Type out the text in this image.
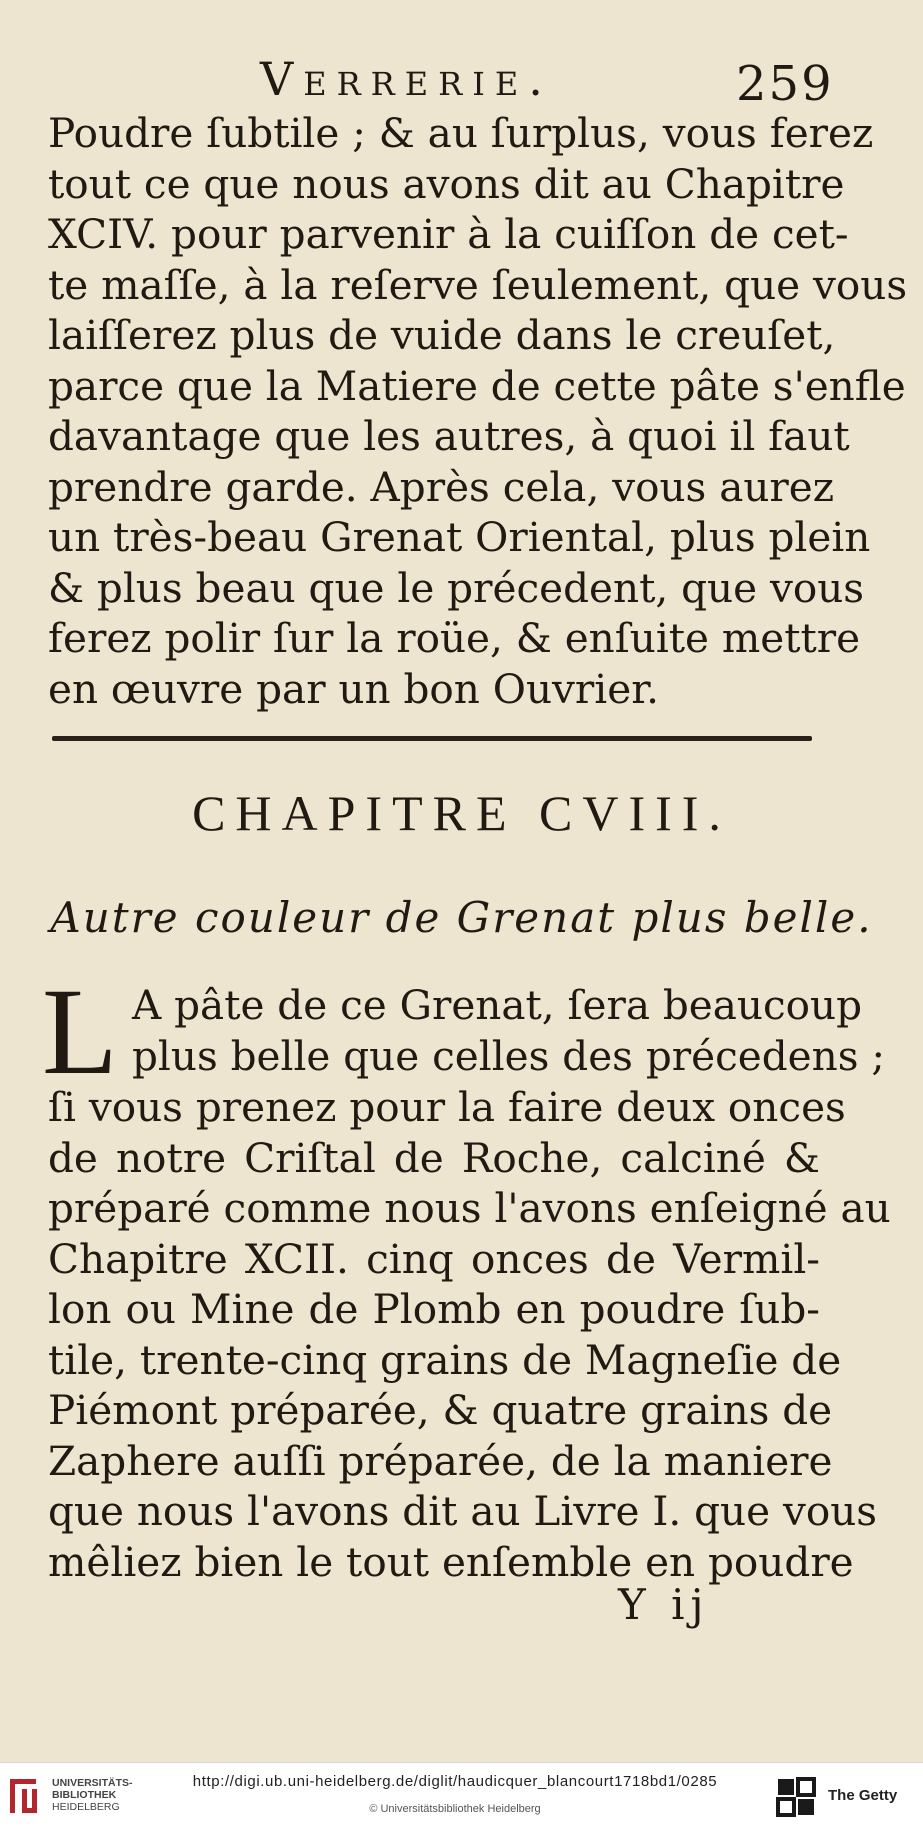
Verrerie.	259
Poudre ſubtile ; & au ſurplus, vous ferez
tout ce que nous avons dit au Chapitre
XCIV. pour parvenir à la cuiſſon de cet-
te maſſe, à la reſerve ſeulement, que vous
laiſſerez plus de vuide dans le creuſet,
parce que la Matiere de cette pâte s'enfle
davantage que les autres, à quoi il faut
prendre garde. Après cela, vous aurez
un très-beau Grenat Oriental, plus plein
& plus beau que le précedent, que vous
ferez polir ſur la roüe, & enſuite mettre
en œuvre par un bon Ouvrier.
CHAPITRE CVIII.
Autre couleur de Grenat plus belle.
L A pâte de ce Grenat, ſera beaucoup
plus belle que celles des précedens ;
ſi vous prenez pour la faire deux onces
de notre Criſtal de Roche, calciné &
préparé comme nous l'avons enſeigné au
Chapitre XCII. cinq onces de Vermil-
lon ou Mine de Plomb en poudre ſub-
tile, trente-cinq grains de Magneſie de
Piémont préparée, & quatre grains de
Zaphere auſſi préparée, de la maniere
que nous l'avons dit au Livre I. que vous
mêliez bien le tout enſemble en poudre
Y ij
UNIVERSITÄTS-
BIBLIOTHEK
HEIDELBERG
http://digi.ub.uni-heidelberg.de/diglit/haudicquer_blancourt1718bd1/0285
© Universitätsbibliothek Heidelberg
The Getty
